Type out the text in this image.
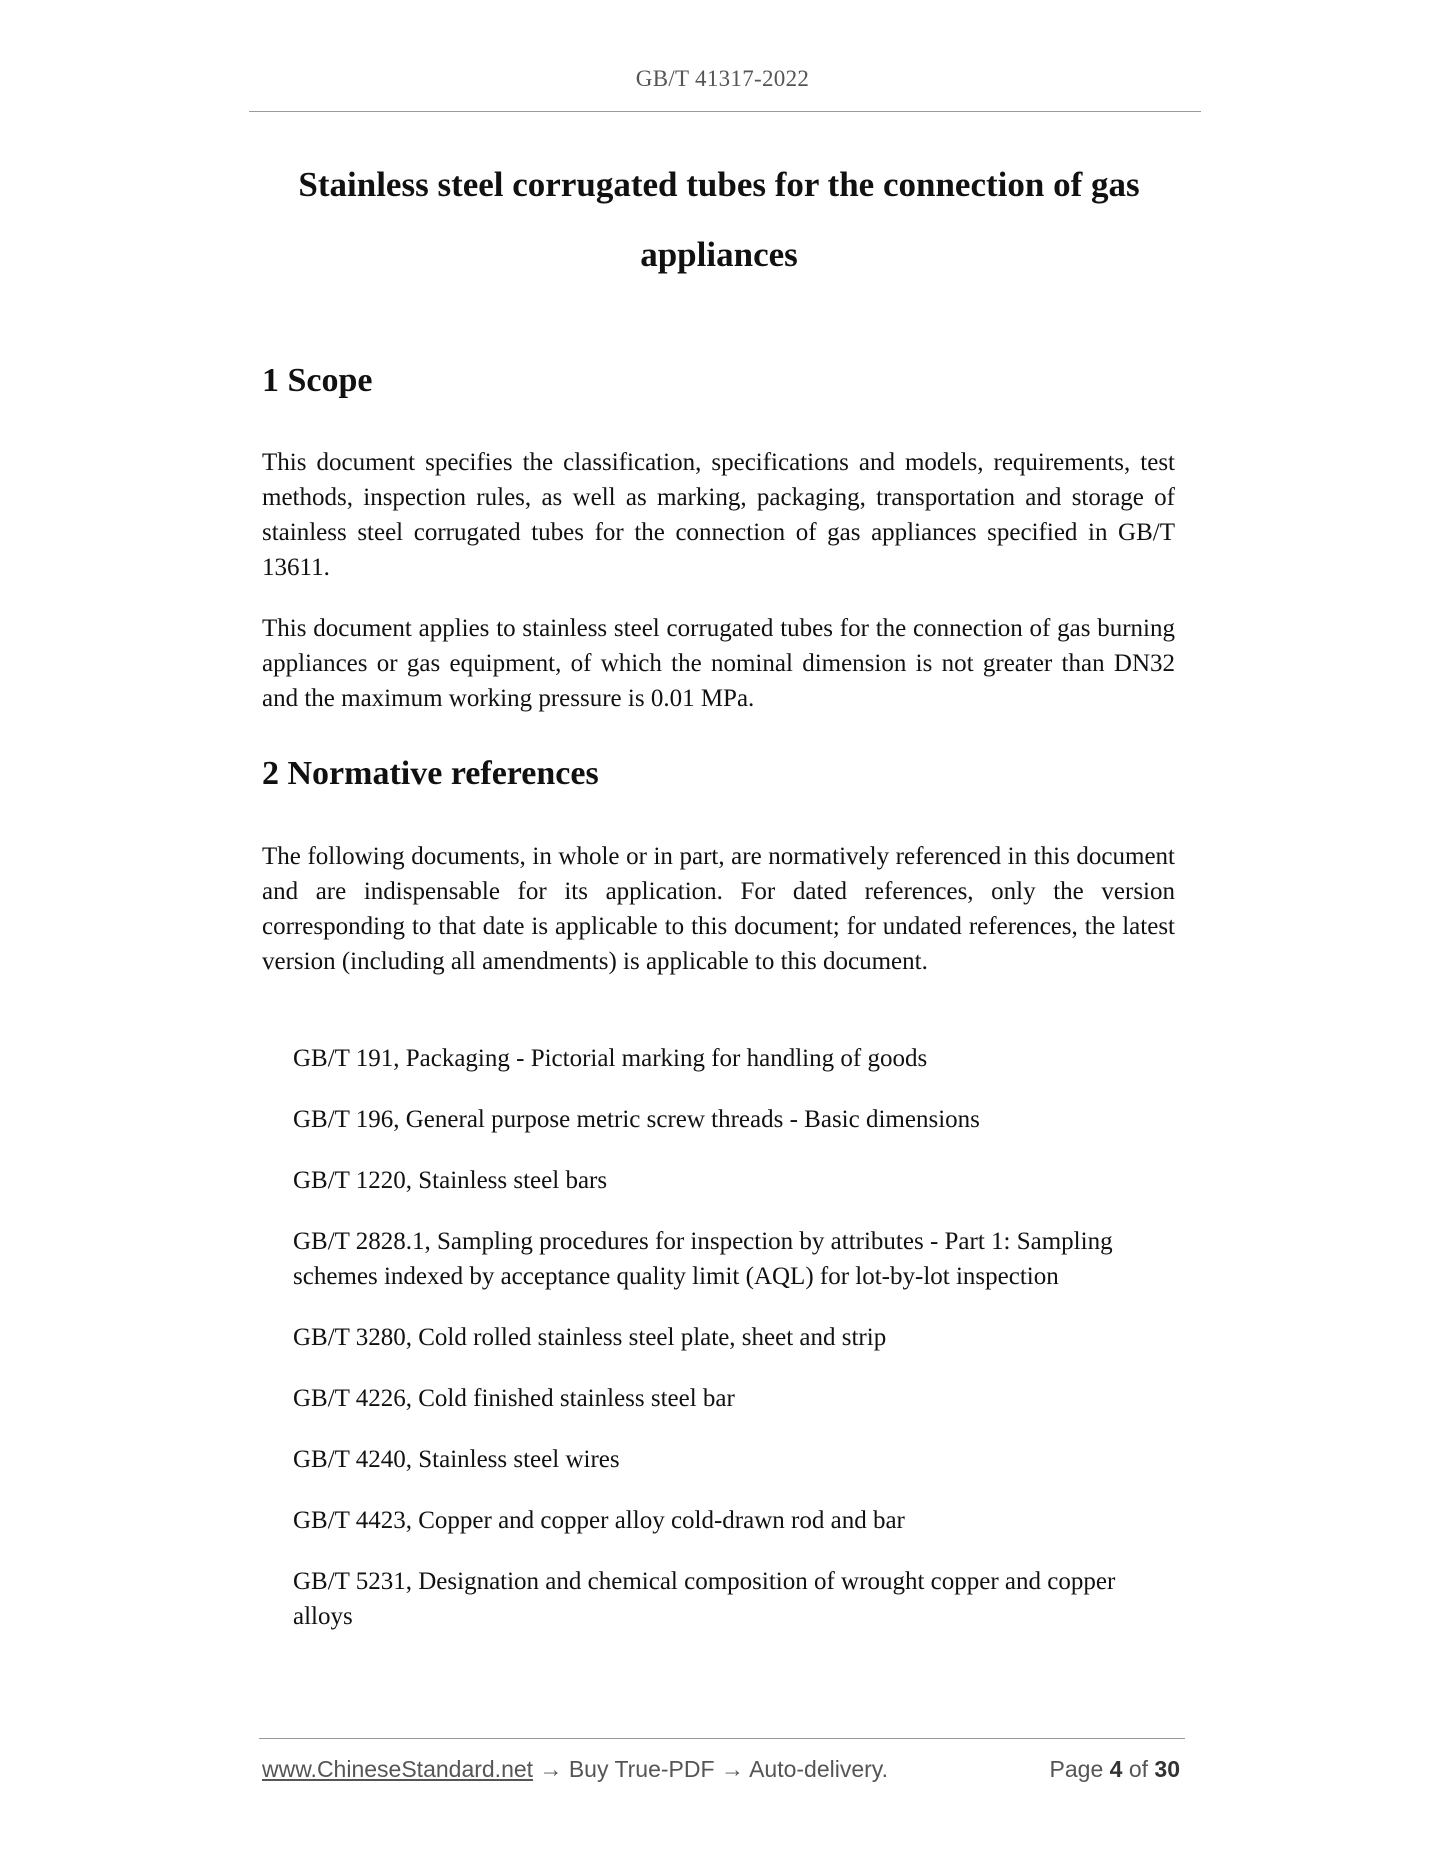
GB/T 41317-2022
Stainless steel corrugated tubes for the connection of gas
appliances
1 Scope

This document specifies the classification, specifications and models, requirements, test methods, inspection rules, as well as marking, packaging, transportation and storage of stainless steel corrugated tubes for the connection of gas appliances specified in GB/T 13611.

This document applies to stainless steel corrugated tubes for the connection of gas burning appliances or gas equipment, of which the nominal dimension is not greater than DN32 and the maximum working pressure is 0.01 MPa.

2 Normative references

The following documents, in whole or in part, are normatively referenced in this document and are indispensable for its application. For dated references, only the version corresponding to that date is applicable to this document; for undated references, the latest version (including all amendments) is applicable to this document.

GB/T 191, Packaging - Pictorial marking for handling of goods
GB/T 196, General purpose metric screw threads - Basic dimensions
GB/T 1220, Stainless steel bars
GB/T 2828.1, Sampling procedures for inspection by attributes - Part 1: Sampling schemes indexed by acceptance quality limit (AQL) for lot-by-lot inspection
GB/T 3280, Cold rolled stainless steel plate, sheet and strip
GB/T 4226, Cold finished stainless steel bar
GB/T 4240, Stainless steel wires
GB/T 4423, Copper and copper alloy cold-drawn rod and bar
GB/T 5231, Designation and chemical composition of wrought copper and copper alloys
www.ChineseStandard.net → Buy True-PDF → Auto-delivery.	Page 4 of 30
